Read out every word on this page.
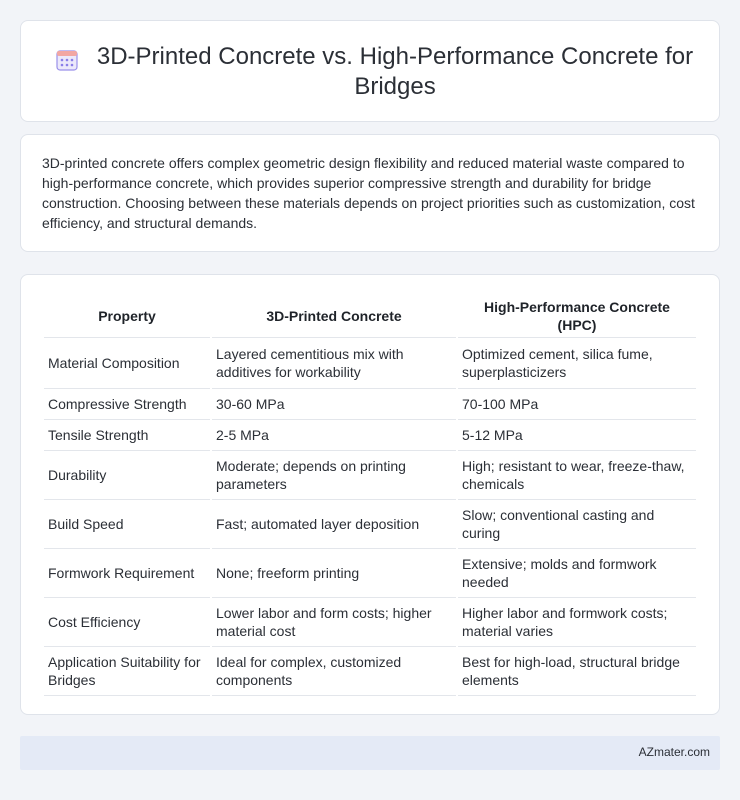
3D-Printed Concrete vs. High-Performance Concrete for Bridges

3D-printed concrete offers complex geometric design flexibility and reduced material waste compared to high-performance concrete, which provides superior compressive strength and durability for bridge construction. Choosing between these materials depends on project priorities such as customization, cost efficiency, and structural demands.

Property	3D-Printed Concrete	High-Performance Concrete (HPC)
Material Composition	Layered cementitious mix with additives for workability	Optimized cement, silica fume, superplasticizers
Compressive Strength	30-60 MPa	70-100 MPa
Tensile Strength	2-5 MPa	5-12 MPa
Durability	Moderate; depends on printing parameters	High; resistant to wear, freeze-thaw, chemicals
Build Speed	Fast; automated layer deposition	Slow; conventional casting and curing
Formwork Requirement	None; freeform printing	Extensive; molds and formwork needed
Cost Efficiency	Lower labor and form costs; higher material cost	Higher labor and formwork costs; material varies
Application Suitability for Bridges	Ideal for complex, customized components	Best for high-load, structural bridge elements
AZmater.com
